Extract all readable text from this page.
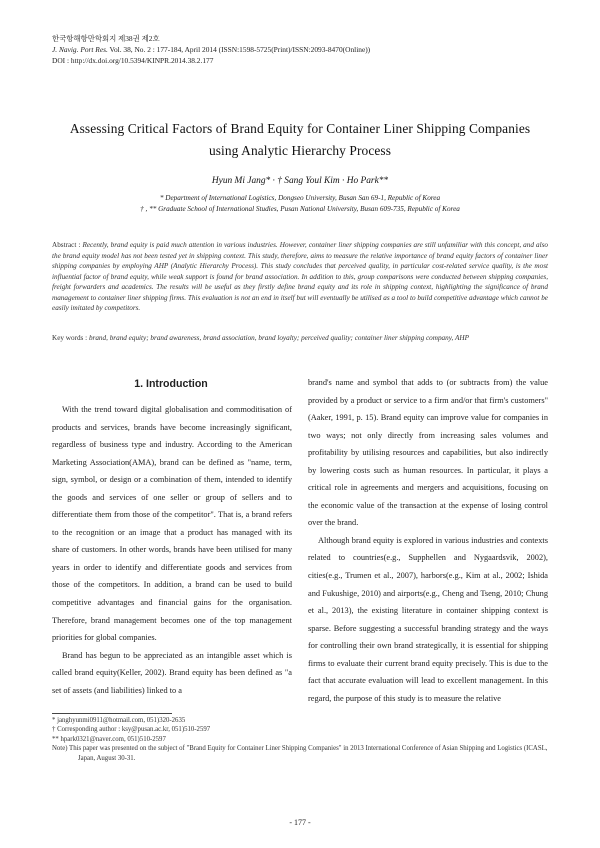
한국항해항만학회지 제38권 제2호
J. Navig. Port Res. Vol. 38, No. 2 : 177-184, April 2014 (ISSN:1598-5725(Print)/ISSN:2093-8470(Online))
DOI : http://dx.doi.org/10.5394/KINPR.2014.38.2.177
Assessing Critical Factors of Brand Equity for Container Liner Shipping Companies
using Analytic Hierarchy Process
Hyun Mi Jang* · † Sang Youl Kim · Ho Park**
* Department of International Logistics, Dongseo University, Busan San 69-1, Republic of Korea
† , ** Graduate School of International Studies, Pusan National University, Busan 609-735, Republic of Korea
Abstract : Recently, brand equity is paid much attention in various industries. However, container liner shipping companies are still unfamiliar with this concept, and also the brand equity model has not been tested yet in shipping context. This study, therefore, aims to measure the relative importance of brand equity factors of container liner shipping companies by employing AHP (Analytic Hierarchy Process). This study concludes that perceived quality, in particular cost-related service quality, is the most influential factor of brand equity, while weak support is found for brand association. In addition to this, group comparisons were conducted between shipping companies, freight forwarders and academics. The results will be useful as they firstly define brand equity and its role in shipping context, highlighting the significance of brand management to container liner shipping firms. This evaluation is not an end in itself but will eventually be utilised as a tool to build competitive advantage which cannot be easily imitated by competitors.
Key words : brand, brand equity; brand awareness, brand association, brand loyalty; perceived quality; container liner shipping company, AHP
1. Introduction

With the trend toward digital globalisation and commoditisation of products and services, brands have become increasingly significant, regardless of business type and industry. According to the American Marketing Association(AMA), brand can be defined as "name, term, sign, symbol, or design or a combination of them, intended to identify the goods and services of one seller or group of sellers and to differentiate them from those of the competitor". That is, a brand refers to the recognition or an image that a product has managed with its share of customers. In other words, brands have been utilised for many years in order to identify and differentiate goods and services from those of the competitors. In addition, a brand can be used to build competitive advantages and financial gains for the organisation. Therefore, brand management becomes one of the top management priorities for global companies.

Brand has begun to be appreciated as an intangible asset which is called brand equity(Keller, 2002). Brand equity has been defined as "a set of assets (and liabilities) linked to a

brand's name and symbol that adds to (or subtracts from) the value provided by a product or service to a firm and/or that firm's customers"(Aaker, 1991, p. 15). Brand equity can improve value for companies in two ways; not only directly from increasing sales volumes and profitability by utilising resources and capabilities, but also indirectly by lowering costs such as human resources. In particular, it plays a critical role in agreements and mergers and acquisitions, focusing on the economic value of the transaction at the expense of losing control over the brand.

Although brand equity is explored in various industries and contexts related to countries(e.g., Supphellen and Nygaardsvik, 2002), cities(e.g., Trumen et al., 2007), harbors(e.g., Kim at al., 2002; Ishida and Fukushige, 2010) and airports(e.g., Cheng and Tseng, 2010; Chung et al., 2013), the existing literature in container shipping context is sparse. Before suggesting a successful branding strategy and the ways for controlling their own brand strategically, it is essential for shipping firms to evaluate their current brand equity precisely. This is due to the fact that accurate evaluation will lead to excellent management. In this regard, the purpose of this study is to measure the relative

* janghyunmi0911@hotmail.com, 051)320-2635
† Corresponding author : ksy@pusan.ac.kr, 051)510-2597
** hpark0321@naver.com, 051)510-2597
Note) This paper was presented on the subject of "Brand Equity for Container Liner Shipping Companies" in 2013 International Conference of Asian Shipping and Logistics (ICASL, Japan, August 30-31.
- 177 -
